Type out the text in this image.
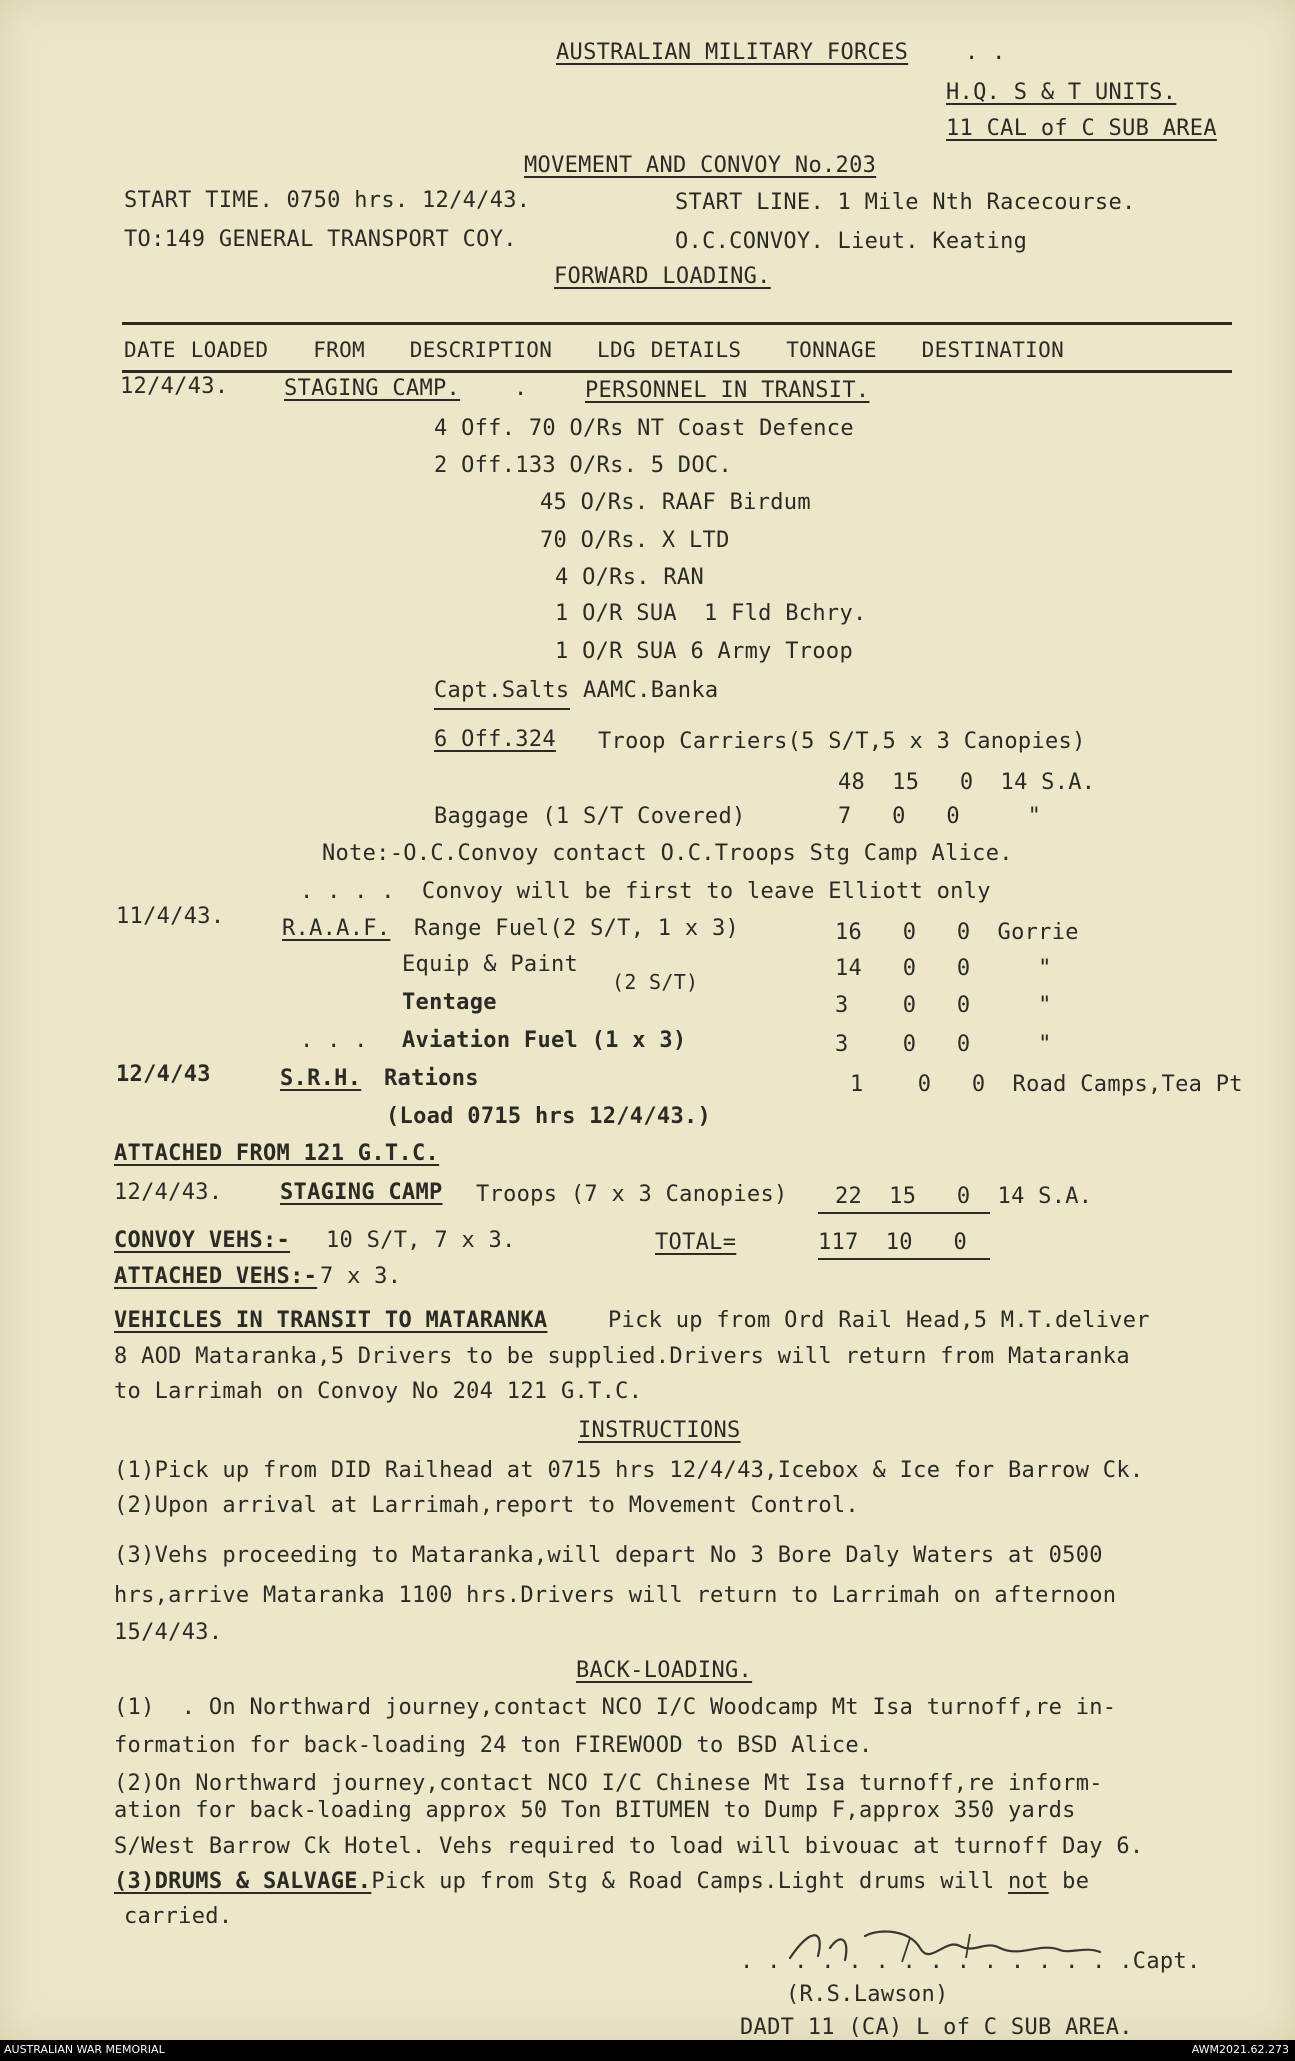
AUSTRALIAN MILITARY FORCES	. .
H.Q. S & T UNITS.
11 CAL of C SUB AREA
MOVEMENT AND CONVOY No.203
START TIME. 0750 hrs. 12/4/43.	START LINE. 1 Mile Nth Racecourse.
TO:149 GENERAL TRANSPORT COY.	O.C.CONVOY. Lieut. Keating
FORWARD LOADING.
DATE LOADED   FROM   DESCRIPTION   LDG DETAILS   TONNAGE   DESTINATION
12/4/43.	STAGING CAMP. .	PERSONNEL IN TRANSIT.
4 Off. 70 O/Rs NT Coast Defence
2 Off.133 O/Rs. 5 DOC.
45 O/Rs. RAAF Birdum
70 O/Rs. X LTD
4 O/Rs. RAN
1 O/R SUA  1 Fld Bchry.
1 O/R SUA 6 Army Troop
Capt.Salts AAMC.Banka
6 Off.324 Troop Carriers(5 S/T,5 x 3 Canopies)
48  15   0  14 S.A.
Baggage (1 S/T Covered)	7   0   0     "
Note:-O.C.Convoy contact O.C.Troops Stg Camp Alice.
. . . .  Convoy will be first to leave Elliott only
11/4/43.	R.A.A.F. Range Fuel(2 S/T, 1 x 3)	16   0   0  Gorrie
Equip & Paint	14   0   0     "
(2 S/T)
Tentage	3    0   0     "
. . . Aviation Fuel (1 x 3)	3    0   0     "
12/4/43	S.R.H. Rations	1    0   0  Road Camps,Tea Pt
(Load 0715 hrs 12/4/43.)
ATTACHED FROM 121 G.T.C.
12/4/43.	STAGING CAMP Troops (7 x 3 Canopies) 22  15   0  14 S.A.
CONVOY VEHS:- 10 S/T, 7 x 3.	TOTAL=	117  10   0
ATTACHED VEHS:- 7 x 3.
VEHICLES IN TRANSIT TO MATARANKA	Pick up from Ord Rail Head,5 M.T.deliver
8 AOD Mataranka,5 Drivers to be supplied.Drivers will return from Mataranka
to Larrimah on Convoy No 204 121 G.T.C.
INSTRUCTIONS
(1)Pick up from DID Railhead at 0715 hrs 12/4/43,Icebox & Ice for Barrow Ck.
(2)Upon arrival at Larrimah,report to Movement Control.
(3)Vehs proceeding to Mataranka,will depart No 3 Bore Daly Waters at 0500
hrs,arrive Mataranka 1100 hrs.Drivers will return to Larrimah on afternoon
15/4/43.
BACK-LOADING.
(1)  . On Northward journey,contact NCO I/C Woodcamp Mt Isa turnoff,re in-
formation for back-loading 24 ton FIREWOOD to BSD Alice.
(2)On Northward journey,contact NCO I/C Chinese Mt Isa turnoff,re inform-
ation for back-loading approx 50 Ton BITUMEN to Dump F,approx 350 yards
S/West Barrow Ck Hotel. Vehs required to load will bivouac at turnoff Day 6.
(3)DRUMS & SALVAGE.Pick up from Stg & Road Camps.Light drums will not be
carried.
. . . . . . . . . . . . . . .Capt.
(R.S.Lawson)
DADT 11 (CA) L of C SUB AREA.
AUSTRALIAN WAR MEMORIAL	AWM2021.62.273
